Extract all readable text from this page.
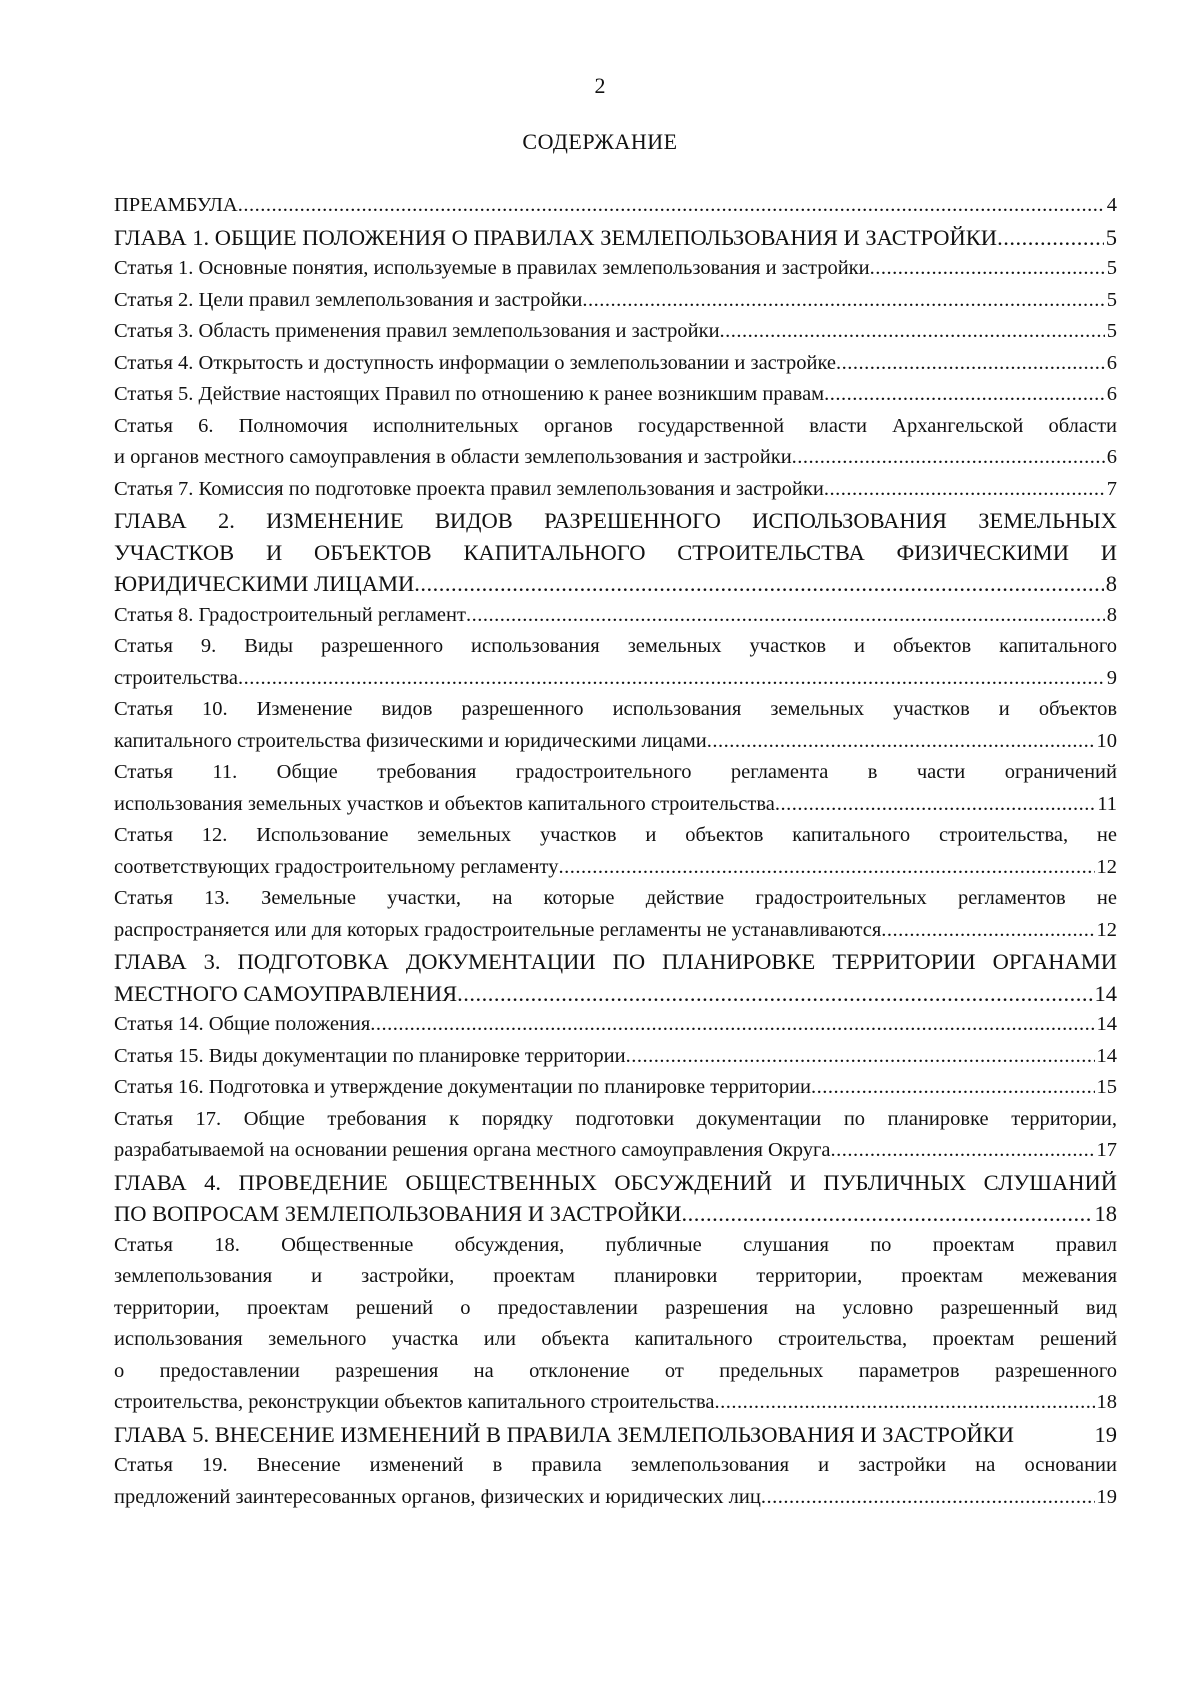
2
СОДЕРЖАНИЕ
ПРЕАМБУЛА .....	4
ГЛАВА 1. ОБЩИЕ ПОЛОЖЕНИЯ О ПРАВИЛАХ ЗЕМЛЕПОЛЬЗОВАНИЯ И ЗАСТРОЙКИ .....	5
Статья 1. Основные понятия, используемые в правилах землепользования и застройки .....	5
Статья 2. Цели правил землепользования и застройки .....	5
Статья 3. Область применения правил землепользования и застройки .....	5
Статья 4. Открытость и доступность информации о землепользовании и застройке .....	6
Статья 5. Действие настоящих Правил по отношению к ранее возникшим правам .....	6
Статья 6. Полномочия исполнительных органов государственной власти Архангельской области
и органов местного самоуправления в области землепользования и застройки .....	6
Статья 7. Комиссия по подготовке проекта правил землепользования и застройки .....	7
ГЛАВА 2. ИЗМЕНЕНИЕ ВИДОВ РАЗРЕШЕННОГО ИСПОЛЬЗОВАНИЯ ЗЕМЕЛЬНЫХ
УЧАСТКОВ И ОБЪЕКТОВ КАПИТАЛЬНОГО СТРОИТЕЛЬСТВА ФИЗИЧЕСКИМИ И
ЮРИДИЧЕСКИМИ ЛИЦАМИ .....	8
Статья 8. Градостроительный регламент .....	8
Статья 9. Виды разрешенного использования земельных участков и объектов капитального
строительства .....	9
Статья 10. Изменение видов разрешенного использования земельных участков и объектов
капитального строительства физическими и юридическими лицами .....	10
Статья 11. Общие требования градостроительного регламента в части ограничений
использования земельных участков и объектов капитального строительства .....	11
Статья 12. Использование земельных участков и объектов капитального строительства, не
соответствующих градостроительному регламенту .....	12
Статья 13. Земельные участки, на которые действие градостроительных регламентов не
распространяется или для которых градостроительные регламенты не устанавливаются .....	12
ГЛАВА 3. ПОДГОТОВКА ДОКУМЕНТАЦИИ ПО ПЛАНИРОВКЕ ТЕРРИТОРИИ ОРГАНАМИ
МЕСТНОГО САМОУПРАВЛЕНИЯ .....	14
Статья 14. Общие положения .....	14
Статья 15. Виды документации по планировке территории .....	14
Статья 16. Подготовка и утверждение документации по планировке территории .....	15
Статья 17. Общие требования к порядку подготовки документации по планировке территории,
разрабатываемой на основании решения органа местного самоуправления Округа .....	17
ГЛАВА 4. ПРОВЕДЕНИЕ ОБЩЕСТВЕННЫХ ОБСУЖДЕНИЙ И ПУБЛИЧНЫХ СЛУШАНИЙ
ПО ВОПРОСАМ ЗЕМЛЕПОЛЬЗОВАНИЯ И ЗАСТРОЙКИ .....	18
Статья 18. Общественные обсуждения, публичные слушания по проектам правил
землепользования и застройки, проектам планировки территории, проектам межевания
территории, проектам решений о предоставлении разрешения на условно разрешенный вид
использования земельного участка или объекта капитального строительства, проектам решений
о предоставлении разрешения на отклонение от предельных параметров разрешенного
строительства, реконструкции объектов капитального строительства .....	18
ГЛАВА 5. ВНЕСЕНИЕ ИЗМЕНЕНИЙ В ПРАВИЛА ЗЕМЛЕПОЛЬЗОВАНИЯ И ЗАСТРОЙКИ	19
Статья 19. Внесение изменений в правила землепользования и застройки на основании
предложений заинтересованных органов, физических и юридических лиц .....	19
